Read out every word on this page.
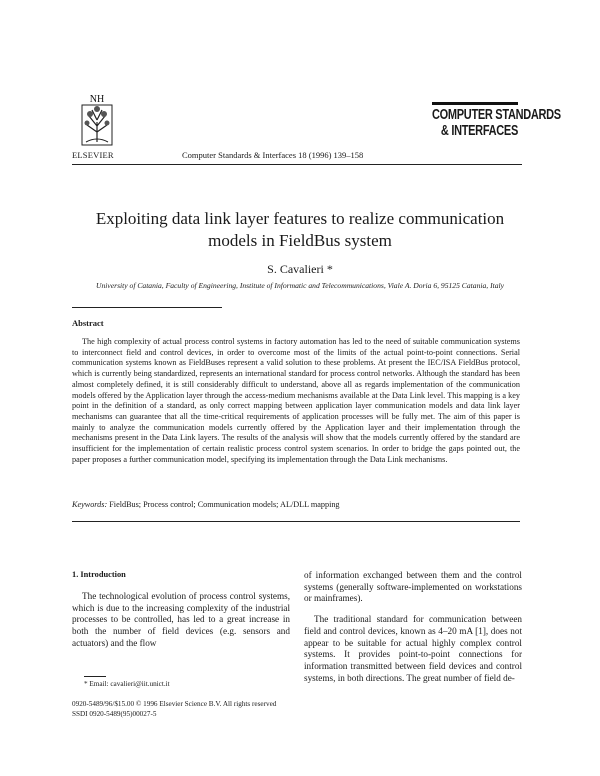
NH
ELSEVIER	Computer Standards & Interfaces 18 (1996) 139–158
COMPUTER STANDARDS
& INTERFACES
Exploiting data link layer features to realize communication
models in FieldBus system
S. Cavalieri *
University of Catania, Faculty of Engineering, Institute of Informatic and Telecommunications, Viale A. Doria 6, 95125 Catania, Italy
Abstract
The high complexity of actual process control systems in factory automation has led to the need of suitable communication systems to interconnect field and control devices, in order to overcome most of the limits of the actual point-to-point connections. Serial communication systems known as FieldBuses represent a valid solution to these problems. At present the IEC/ISA FieldBus protocol, which is currently being standardized, represents an international standard for process control networks. Although the standard has been almost completely defined, it is still considerably difficult to understand, above all as regards implementation of the communication models offered by the Application layer through the access-medium mechanisms available at the Data Link level. This mapping is a key point in the definition of a standard, as only correct mapping between application layer communication models and data link layer mechanisms can guarantee that all the time-critical requirements of application processes will be fully met. The aim of this paper is mainly to analyze the communication models currently offered by the Application layer and their implementation through the mechanisms present in the Data Link layers. The results of the analysis will show that the models currently offered by the standard are insufficient for the implementation of certain realistic process control system scenarios. In order to bridge the gaps pointed out, the paper proposes a further communication model, specifying its implementation through the Data Link mechanisms.
Keywords: FieldBus; Process control; Communication models; AL/DLL mapping
1. Introduction

The technological evolution of process control systems, which is due to the increasing complexity of the industrial processes to be controlled, has led to a great increase in both the number of field devices (e.g. sensors and actuators) and the flow

of information exchanged between them and the control systems (generally software-implemented on workstations or mainframes).

The traditional standard for communication between field and control devices, known as 4–20 mA [1], does not appear to be suitable for actual highly complex control systems. It provides point-to-point connections for information transmitted between field devices and control systems, in both directions. The great number of field de-

* Email: cavalieri@iit.unict.it
0920-5489/96/$15.00 © 1996 Elsevier Science B.V. All rights reserved
SSDI 0920-5489(95)00027-5
